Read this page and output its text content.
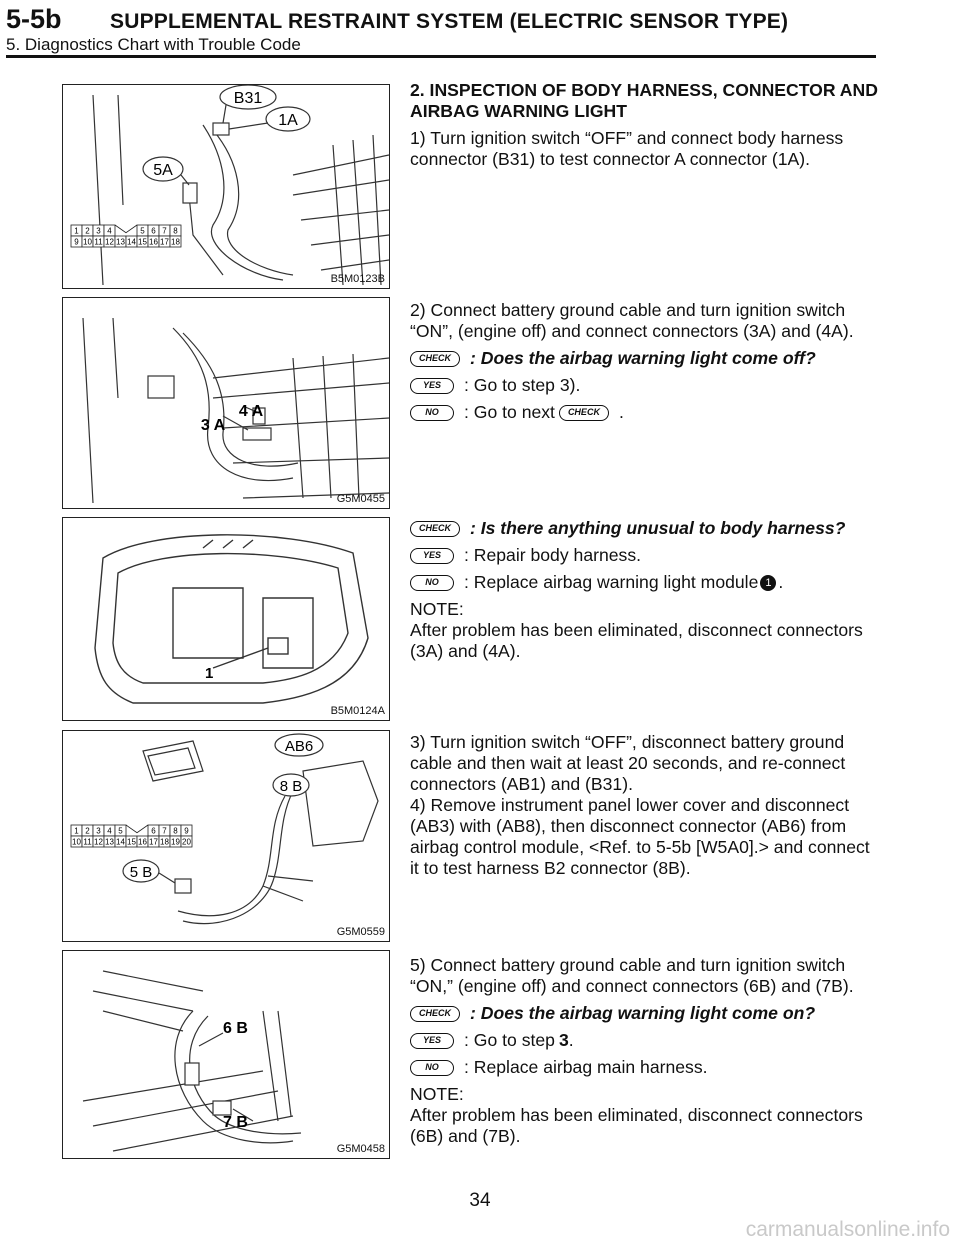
5-5b SUPPLEMENTAL RESTRAINT SYSTEM (ELECTRIC SENSOR TYPE)
5. Diagnostics Chart with Trouble Code
B31
1A
5A
1 2 3 4	5 6 7 8
9 10 11 12 13 14 15 16 17 18
B5M0123B
2. INSPECTION OF BODY HARNESS, CONNECTOR AND AIRBAG WARNING LIGHT

1) Turn ignition switch “OFF” and connect body harness connector (B31) to test connector A connector (1A).

3 A
4 A
G5M0455

2) Connect battery ground cable and turn ignition switch “ON”, (engine off) and connect connectors (3A) and (4A).

CHECK	: Does the airbag warning light come off?
YES	: Go to step 3).
NO	: Go to next	CHECK	.
1
B5M0124A
CHECK	: Is there anything unusual to body harness?
YES	: Repair body harness.
NO	: Replace airbag warning light module 1 .

NOTE:

After problem has been eliminated, disconnect connectors (3A) and (4A).

AB6
8 B
5 B
1 2 3 4 5	6 7 8 9
10 11 12 13 14 15 16 17 18 19 20
G5M0559

3) Turn ignition switch “OFF”, disconnect battery ground cable and then wait at least 20 seconds, and re-connect connectors (AB1) and (B31).

4) Remove instrument panel lower cover and disconnect (AB3) with (AB8), then disconnect connector (AB6) from airbag control module, <Ref. to 5-5b [W5A0].> and connect it to test harness B2 connector (8B).

6 B
7 B
G5M0458

5) Connect battery ground cable and turn ignition switch “ON,” (engine off) and connect connectors (6B) and (7B).

CHECK	: Does the airbag warning light come on?
YES	: Go to step 3 .
NO	: Replace airbag main harness.

NOTE:

After problem has been eliminated, disconnect connectors (6B) and (7B).

34
carmanualsonline.info
